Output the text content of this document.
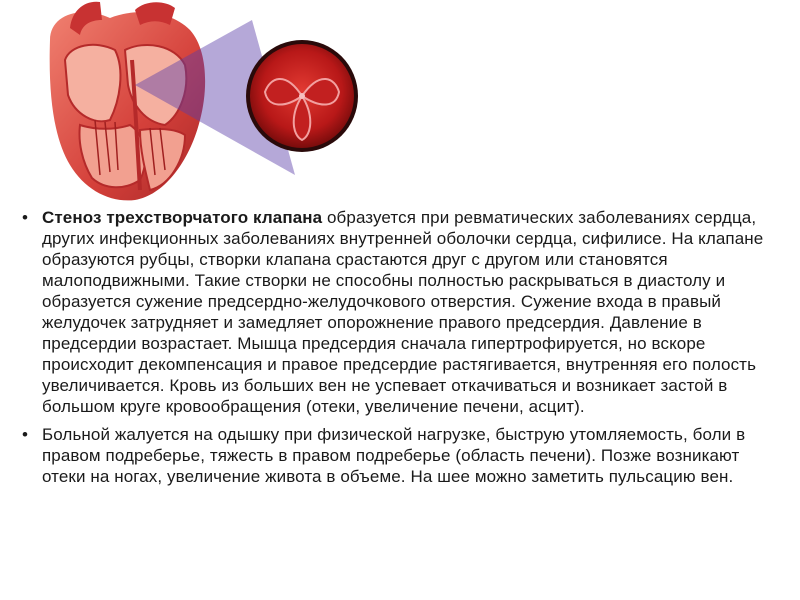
• Стеноз трехстворчатого клапана образуется при ревматических заболеваниях сердца, других инфекционных заболеваниях внутренней оболочки сердца, сифилисе. На клапане образуются рубцы, створки клапана срастаются друг с другом или становятся малоподвижными. Такие створки не способны полностью раскрываться в диастолу и образуется сужение предсердно-желудочкового отверстия. Сужение входа в правый желудочек затрудняет и замедляет опорожнение правого предсердия. Давление в предсердии возрастает. Мышца предсердия сначала гипертрофируется, но вскоре происходит декомпенсация и правое предсердие растягивается, внутренняя его полость увеличивается. Кровь из больших вен не успевает откачиваться и возникает застой в большом круге кровообращения (отеки, увеличение печени, асцит).
• Больной жалуется на одышку при физической нагрузке, быструю утомляемость, боли в правом подреберье, тяжесть в правом подреберье (область печени). Позже возникают отеки на ногах, увеличение живота в объеме. На шее можно заметить пульсацию вен.
